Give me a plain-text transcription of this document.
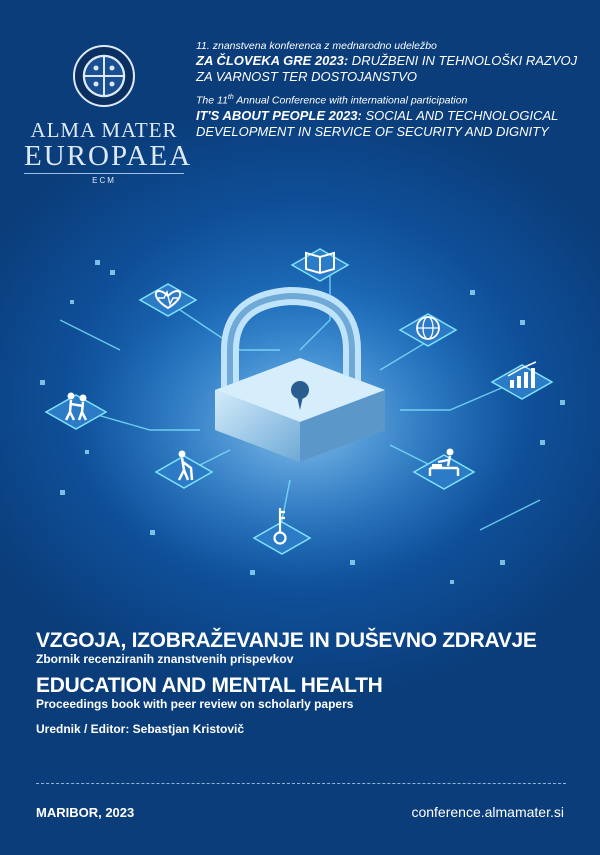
ALMA MATER
EUROPAEA
ECM
11. znanstvena konferenca z mednarodno udeležbo
ZA ČLOVEKA GRE 2023: DRUŽBENI IN TEHNOLOŠKI RAZVOJ ZA VARNOST TER DOSTOJANSTVO
The 11th Annual Conference with international participation
IT'S ABOUT PEOPLE 2023: SOCIAL AND TECHNOLOGICAL DEVELOPMENT IN SERVICE OF SECURITY AND DIGNITY
VZGOJA, IZOBRAŽEVANJE IN DUŠEVNO ZDRAVJE
Zbornik recenziranih znanstvenih prispevkov
EDUCATION AND MENTAL HEALTH
Proceedings book with peer review on scholarly papers
Urednik / Editor: Sebastjan Kristovič
MARIBOR, 2023	conference.almamater.si
